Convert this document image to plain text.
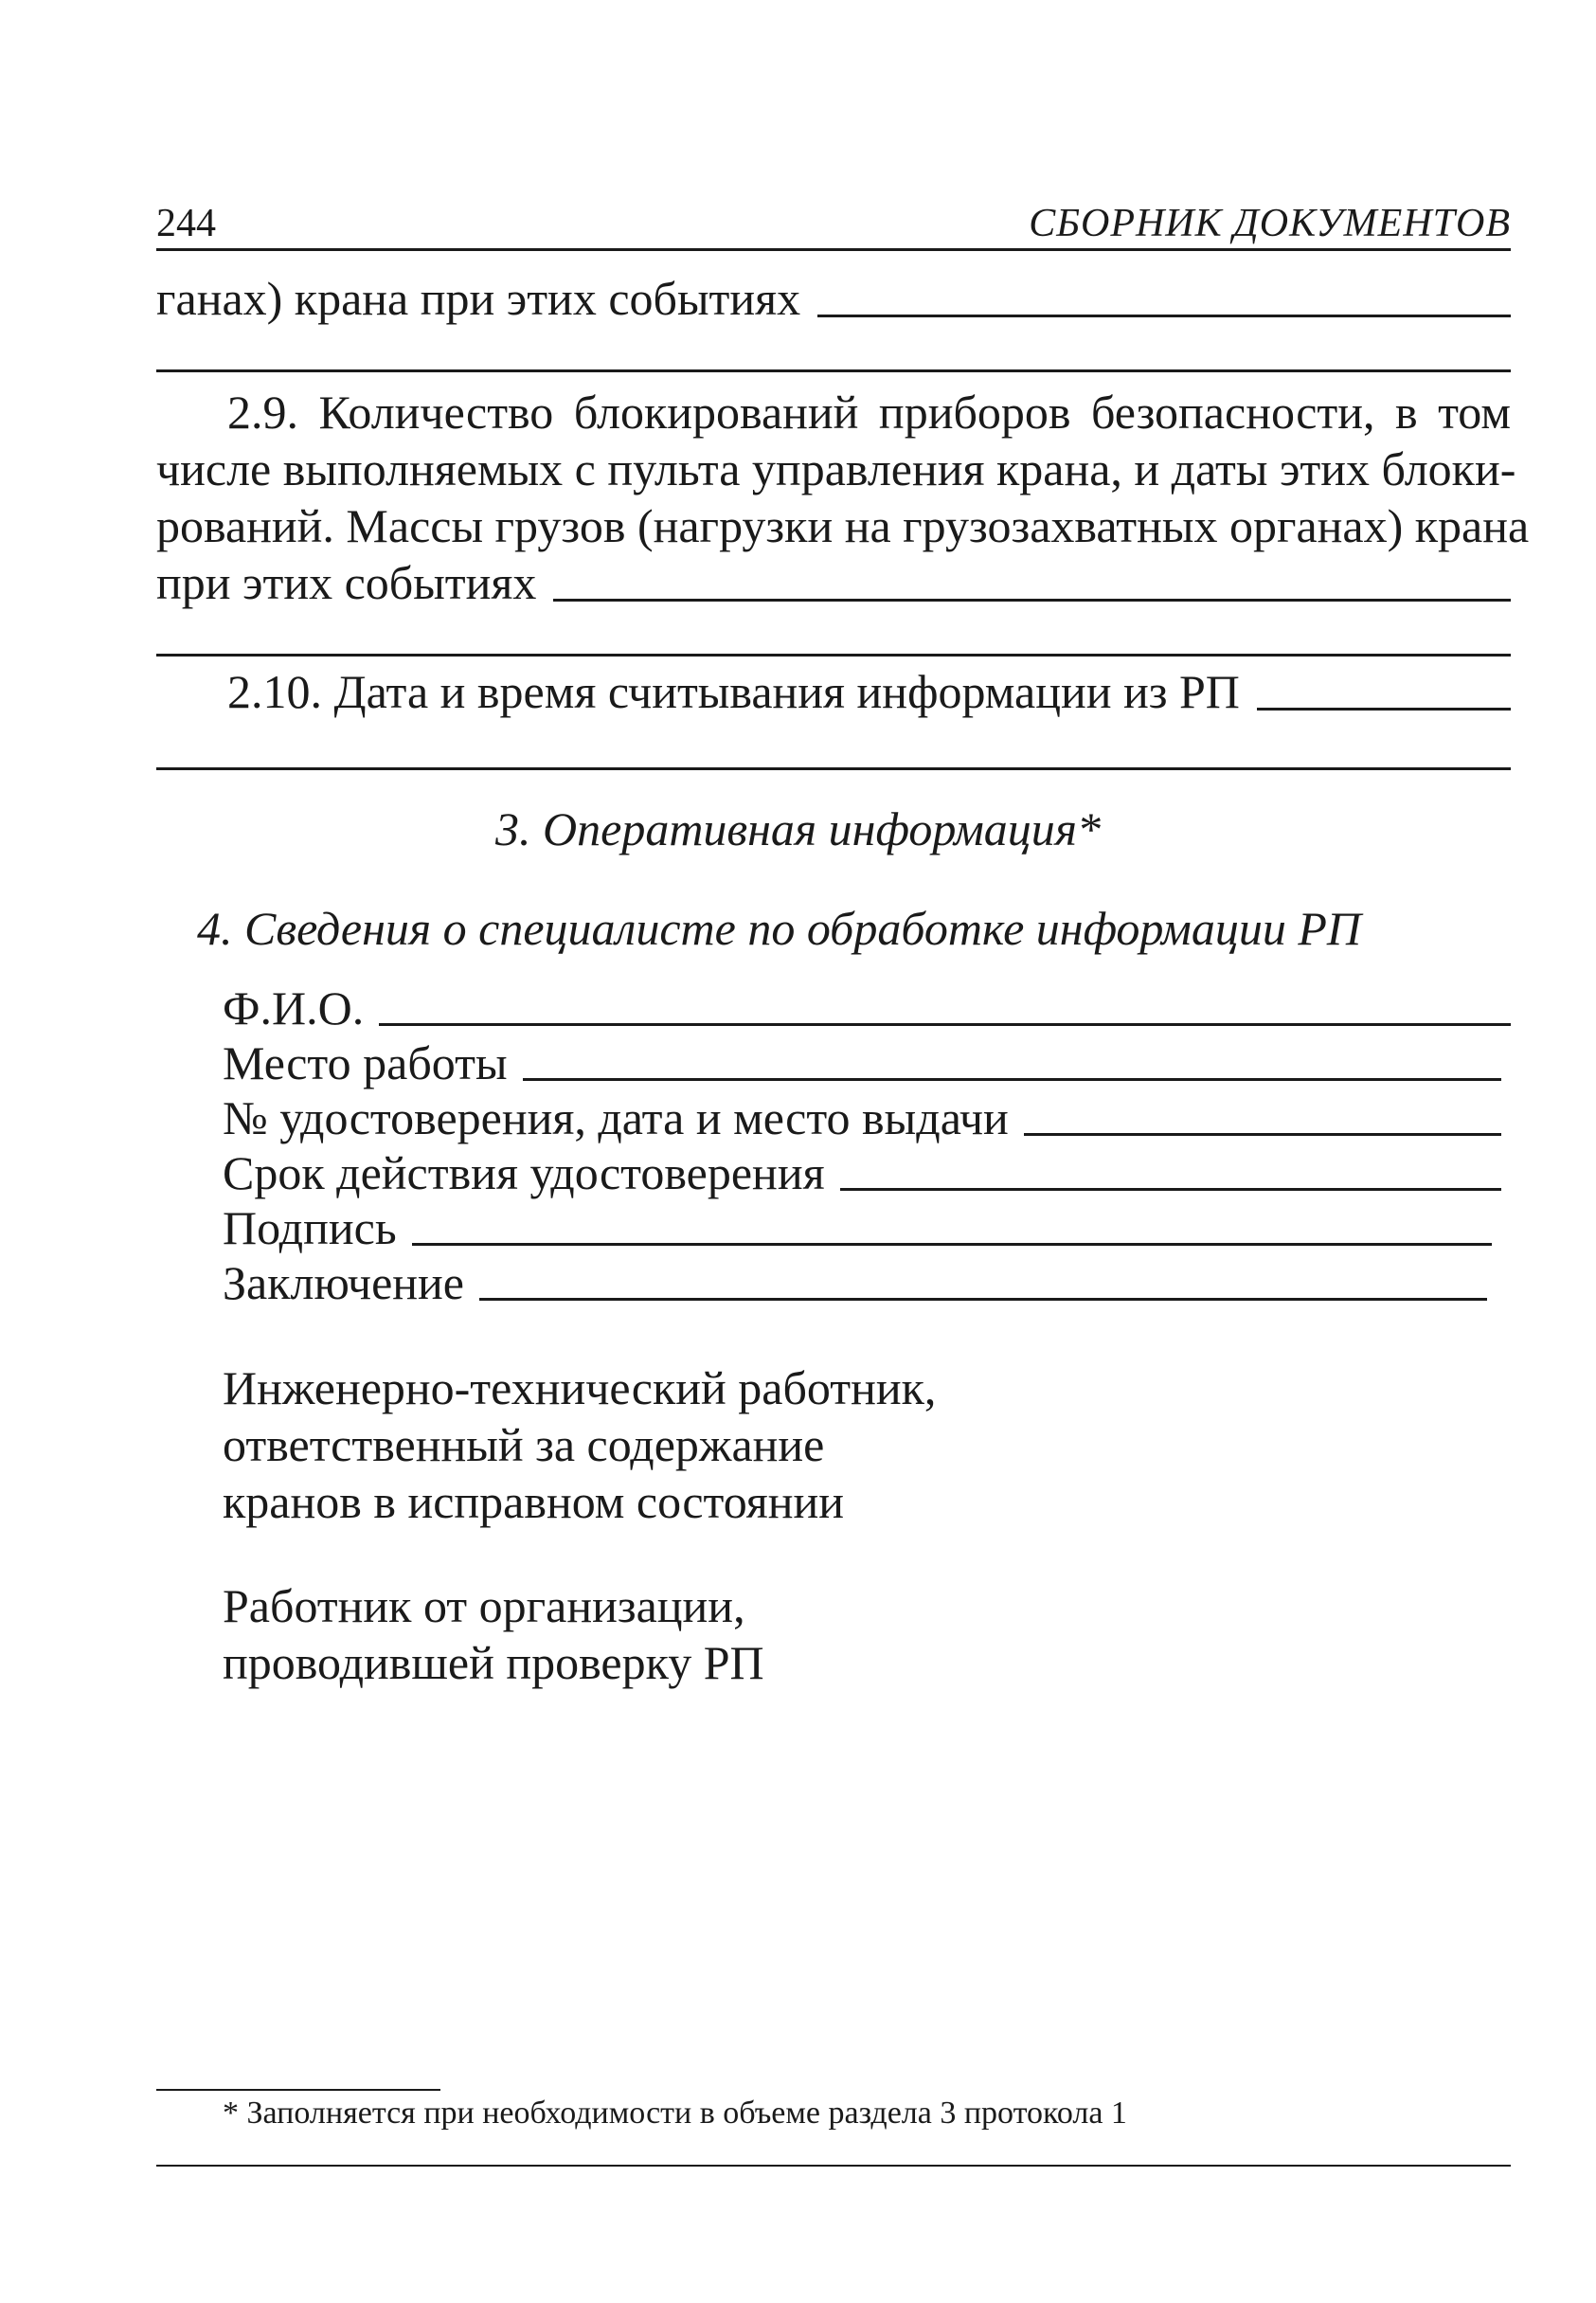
244	СБОРНИК ДОКУМЕНТОВ
ганах) крана при этих событиях
2.9. Количество блокирований приборов безопасности, в том
числе выполняемых с пульта управления крана, и даты этих блоки-
рований. Массы грузов (нагрузки на грузозахватных органах) крана
при этих событиях
2.10. Дата и время считывания информации из РП
3. Оперативная информация*
4. Сведения о специалисте по обработке информации РП
Ф.И.О.
Место работы
№ удостоверения, дата и место выдачи
Срок действия удостоверения
Подпись
Заключение
Инженерно-технический работник,
ответственный за содержание
кранов в исправном состоянии
Работник от организации,
проводившей проверку РП
* Заполняется при необходимости в объеме раздела 3 протокола 1
